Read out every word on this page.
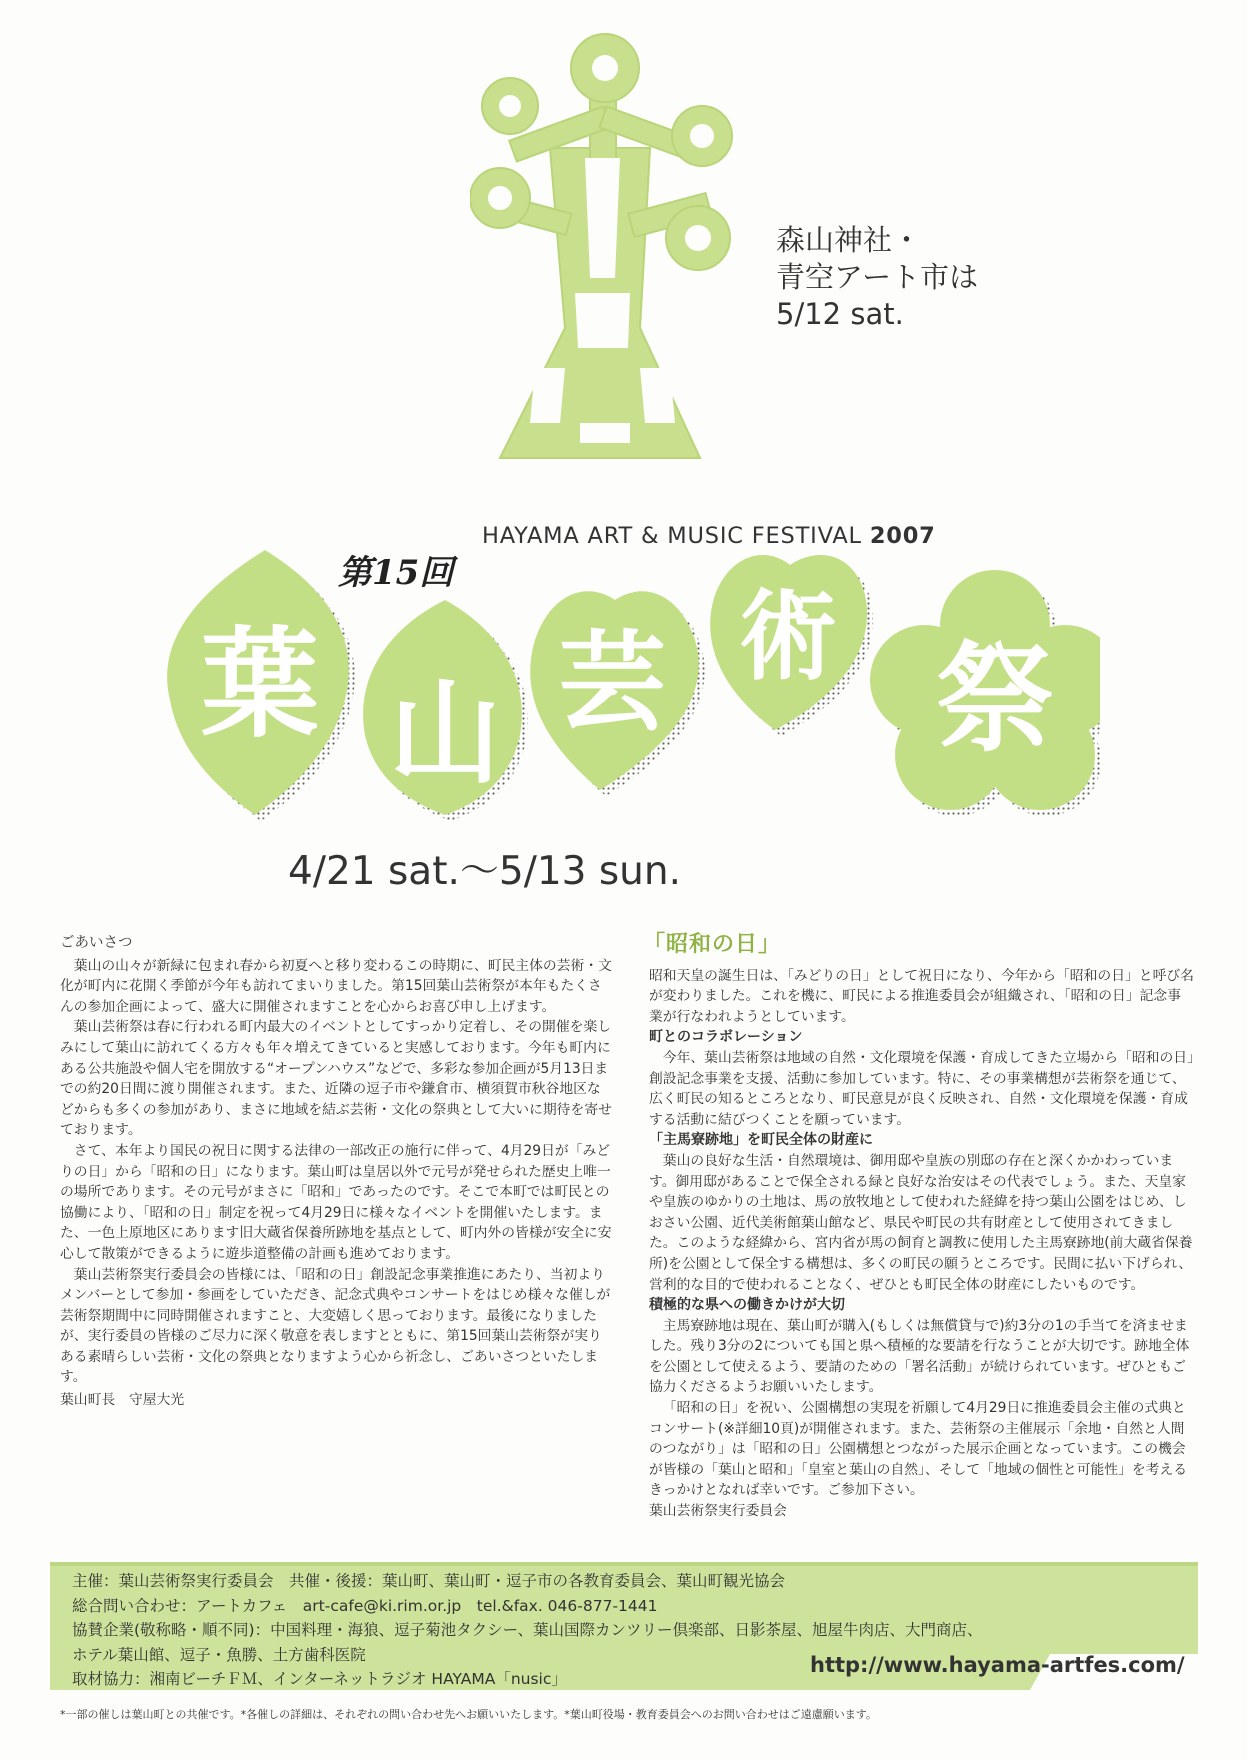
森山神社・
青空アート市は
5/12 sat.
HAYAMA ART & MUSIC FESTIVAL 2007
葉 山 芸 術 祭
第15回
4/21 sat.～5/13 sun.
ごあいさつ

葉山の山々が新緑に包まれ春から初夏へと移り変わるこの時期に、町民主体の芸術・文化が町内に花開く季節が今年も訪れてまいりました。第15回葉山芸術祭が本年もたくさんの参加企画によって、盛大に開催されますことを心からお喜び申し上げます。

葉山芸術祭は春に行われる町内最大のイベントとしてすっかり定着し、その開催を楽しみにして葉山に訪れてくる方々も年々増えてきていると実感しております。今年も町内にある公共施設や個人宅を開放する“オープンハウス”などで、多彩な参加企画が5月13日までの約20日間に渡り開催されます。また、近隣の逗子市や鎌倉市、横須賀市秋谷地区などからも多くの参加があり、まさに地域を結ぶ芸術・文化の祭典として大いに期待を寄せております。

さて、本年より国民の祝日に関する法律の一部改正の施行に伴って、4月29日が「みどりの日」から「昭和の日」になります。葉山町は皇居以外で元号が発せられた歴史上唯一の場所であります。その元号がまさに「昭和」であったのです。そこで本町では町民との協働により、「昭和の日」制定を祝って4月29日に様々なイベントを開催いたします。また、一色上原地区にあります旧大蔵省保養所跡地を基点として、町内外の皆様が安全に安心して散策ができるように遊歩道整備の計画も進めております。

葉山芸術祭実行委員会の皆様には、「昭和の日」創設記念事業推進にあたり、当初よりメンバーとして参加・参画をしていただき、記念式典やコンサートをはじめ様々な催しが芸術祭期間中に同時開催されますこと、大変嬉しく思っております。最後になりましたが、実行委員の皆様のご尽力に深く敬意を表しますとともに、第15回葉山芸術祭が実りある素晴らしい芸術・文化の祭典となりますよう心から祈念し、ごあいさつといたします。

葉山町長　守屋大光

「昭和の日」

昭和天皇の誕生日は、「みどりの日」として祝日になり、今年から「昭和の日」と呼び名が変わりました。これを機に、町民による推進委員会が組織され、「昭和の日」記念事業が行なわれようとしています。

町とのコラボレーション

今年、葉山芸術祭は地域の自然・文化環境を保護・育成してきた立場から「昭和の日」創設記念事業を支援、活動に参加しています。特に、その事業構想が芸術祭を通じて、広く町民の知るところとなり、町民意見が良く反映され、自然・文化環境を保護・育成する活動に結びつくことを願っています。

「主馬寮跡地」を町民全体の財産に

葉山の良好な生活・自然環境は、御用邸や皇族の別邸の存在と深くかかわっています。御用邸があることで保全される緑と良好な治安はその代表でしょう。また、天皇家や皇族のゆかりの土地は、馬の放牧地として使われた経緯を持つ葉山公園をはじめ、しおさい公園、近代美術館葉山館など、県民や町民の共有財産として使用されてきました。このような経緯から、宮内省が馬の飼育と調教に使用した主馬寮跡地(前大蔵省保養所)を公園として保全する構想は、多くの町民の願うところです。民間に払い下げられ、営利的な目的で使われることなく、ぜひとも町民全体の財産にしたいものです。

積極的な県への働きかけが大切

主馬寮跡地は現在、葉山町が購入(もしくは無償貸与で)約3分の1の手当てを済ませました。残り3分の2についても国と県へ積極的な要請を行なうことが大切です。跡地全体を公園として使えるよう、要請のための「署名活動」が続けられています。ぜひともご協力くださるようお願いいたします。

「昭和の日」を祝い、公園構想の実現を祈願して4月29日に推進委員会主催の式典とコンサート(※詳細10頁)が開催されます。また、芸術祭の主催展示「余地・自然と人間のつながり」は「昭和の日」公園構想とつながった展示企画となっています。この機会が皆様の「葉山と昭和」「皇室と葉山の自然」、そして「地域の個性と可能性」を考えるきっかけとなれば幸いです。ご参加下さい。

葉山芸術祭実行委員会

主催：葉山芸術祭実行委員会　共催・後援：葉山町、葉山町・逗子市の各教育委員会、葉山町観光協会
総合問い合わせ：アートカフェ　art-cafe@ki.rim.or.jp　tel.&fax. 046-877-1441
協賛企業(敬称略・順不同)：中国料理・海狼、逗子菊池タクシー、葉山国際カンツリー倶楽部、日影茶屋、旭屋牛肉店、大門商店、
ホテル葉山館、逗子・魚勝、土方歯科医院
取材協力：湘南ビーチＦＭ、インターネットラジオ HAYAMA「nusic」
http://www.hayama-artfes.com/
*一部の催しは葉山町との共催です。*各催しの詳細は、それぞれの問い合わせ先へお願いいたします。*葉山町役場・教育委員会へのお問い合わせはご遠慮願います。
